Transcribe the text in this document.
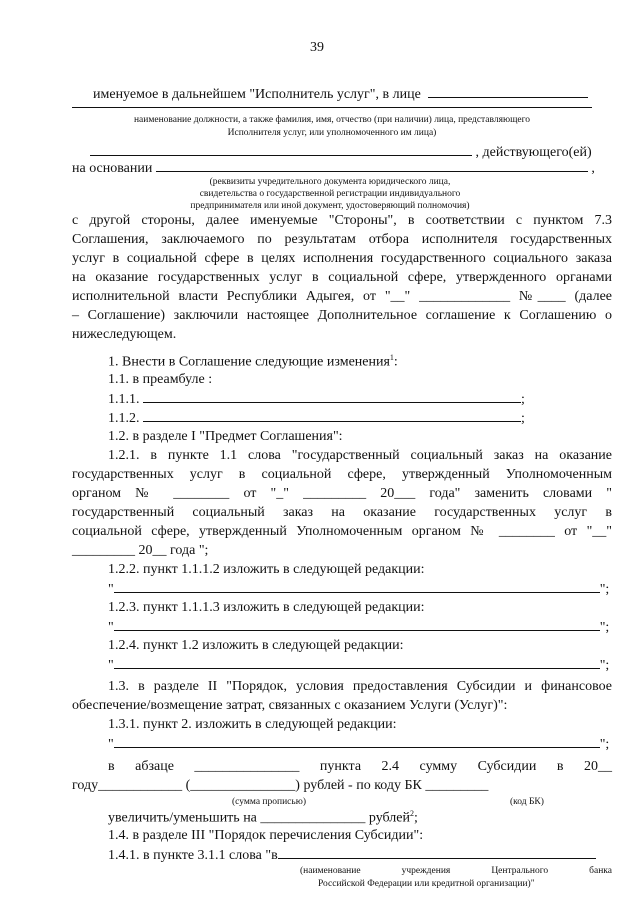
39
именуемое в дальнейшем "Исполнитель услуг", в лице
наименование должности, а также фамилия, имя, отчество (при наличии) лица, представляющего
Исполнителя услуг, или уполномоченного им лица)
, действующего(ей)
на основании	,
(реквизиты учредительного документа юридического лица,
свидетельства о государственной регистрации индивидуального
предпринимателя или иной документ, удостоверяющий полномочия)
с другой стороны, далее именуемые "Стороны", в соответствии с пунктом 7.3
Соглашения, заключаемого по результатам отбора исполнителя государственных
услуг в социальной сфере в целях исполнения государственного социального заказа
на оказание государственных услуг в социальной сфере, утвержденного органами
исполнительной власти Республики Адыгея, от "__" _____________ №____ (далее
– Соглашение) заключили настоящее Дополнительное соглашение к Соглашению о
нижеследующем.
1. Внести в Соглашение следующие изменения$^1$:
1.1. в преамбуле :
1.1.1.	;
1.1.2.	;
1.2. в разделе I "Предмет Соглашения":
1.2.1. в пункте 1.1 слова "государственный социальный заказ на оказание
государственных услуг в социальной сфере, утвержденный Уполномоченным
органом № ________ от "_" _________ 20___ года" заменить словами "
государственный социальный заказ на оказание государственных услуг в
социальной сфере, утвержденный Уполномоченным органом № ________ от "__"
_________ 20__ года ";
1.2.2. пункт 1.1.1.2 изложить в следующей редакции:
"	";
1.2.3. пункт 1.1.1.3 изложить в следующей редакции:
"	";
1.2.4. пункт 1.2 изложить в следующей редакции:
"	";
1.3. в разделе II "Порядок, условия предоставления Субсидии и финансовое
обеспечение/возмещение затрат, связанных с оказанием Услуги (Услуг)":
1.3.1. пункт 2. изложить в следующей редакции:
"	";
в абзаце _______________ пункта 2.4 сумму Субсидии в 20__
году____________ (_______________) рублей - по коду БК _________
(сумма прописью)	(код БК)
увеличить/уменьшить на _______________ рублей$^2$;
1.4. в разделе III "Порядок перечисления Субсидии":
1.4.1. в пункте 3.1.1 слова "в
(наименование учреждения Центрального банка
Российской Федерации или кредитной организации)"
